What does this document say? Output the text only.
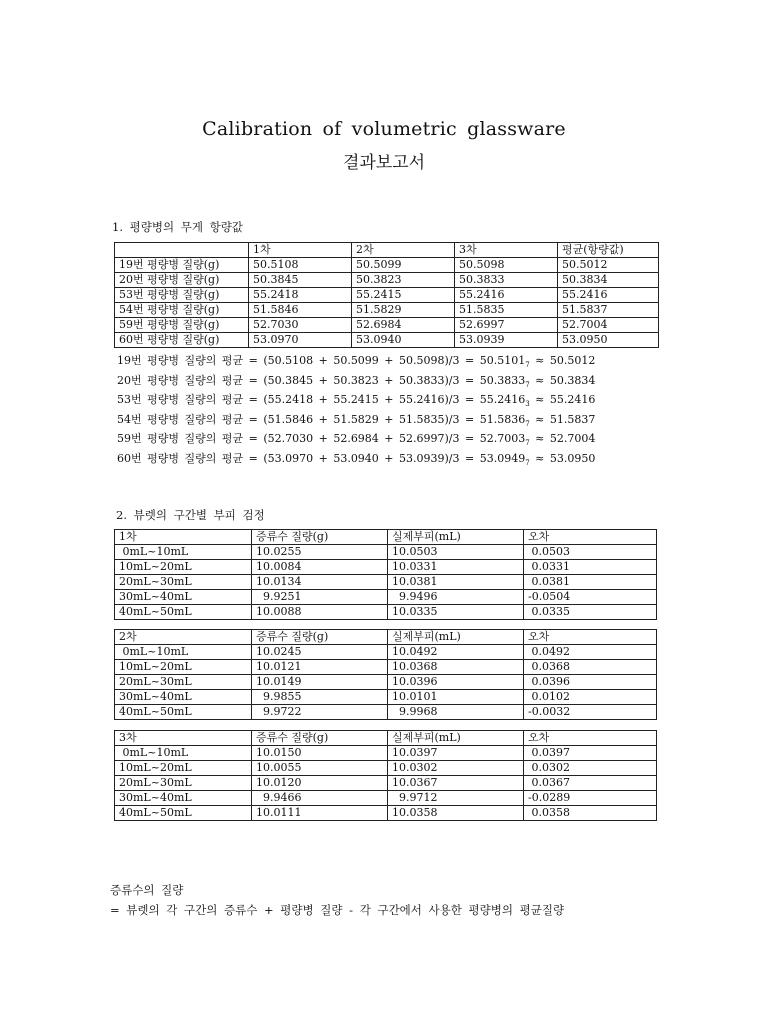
Calibration of volumetric glassware
결과보고서
1. 평량병의 무게 항량값
	1차	2차	3차	평균(항량값)
19번 평량병 질량(g)	50.5108	50.5099	50.5098	50.5012
20번 평량병 질량(g)	50.3845	50.3823	50.3833	50.3834
53번 평량병 질량(g)	55.2418	55.2415	55.2416	55.2416
54번 평량병 질량(g)	51.5846	51.5829	51.5835	51.5837
59번 평량병 질량(g)	52.7030	52.6984	52.6997	52.7004
60번 평량병 질량(g)	53.0970	53.0940	53.0939	53.0950
19번 평량병 질량의 평균 = $(50.5108 + 50.5099 + 50.5098)/3 = 50.5101_7 \approx 50.5012$
20번 평량병 질량의 평균 = $(50.3845 + 50.3823 + 50.3833)/3 = 50.3833_7 \approx 50.3834$
53번 평량병 질량의 평균 = $(55.2418 + 55.2415 + 55.2416)/3 = 55.2416_3 \approx 55.2416$
54번 평량병 질량의 평균 = $(51.5846 + 51.5829 + 51.5835)/3 = 51.5836_7 \approx 51.5837$
59번 평량병 질량의 평균 = $(52.7030 + 52.6984 + 52.6997)/3 = 52.7003_7 \approx 52.7004$
60번 평량병 질량의 평균 = $(53.0970 + 53.0940 + 53.0939)/3 = 53.0949_7 \approx 53.0950$
2. 뷰렛의 구간별 부피 검정
1차	증류수 질량(g)	실제부피(mL)	오차
0mL~10mL	10.0255	10.0503	0.0503
10mL~20mL	10.0084	10.0331	0.0331
20mL~30mL	10.0134	10.0381	0.0381
30mL~40mL	9.9251	9.9496	-0.0504
40mL~50mL	10.0088	10.0335	0.0335
2차	증류수 질량(g)	실제부피(mL)	오차
0mL~10mL	10.0245	10.0492	0.0492
10mL~20mL	10.0121	10.0368	0.0368
20mL~30mL	10.0149	10.0396	0.0396
30mL~40mL	9.9855	10.0101	0.0102
40mL~50mL	9.9722	9.9968	-0.0032
3차	증류수 질량(g)	실제부피(mL)	오차
0mL~10mL	10.0150	10.0397	0.0397
10mL~20mL	10.0055	10.0302	0.0302
20mL~30mL	10.0120	10.0367	0.0367
30mL~40mL	9.9466	9.9712	-0.0289
40mL~50mL	10.0111	10.0358	0.0358
증류수의 질량
= 뷰렛의 각 구간의 증류수 + 평량병 질량 - 각 구간에서 사용한 평량병의 평균질량
